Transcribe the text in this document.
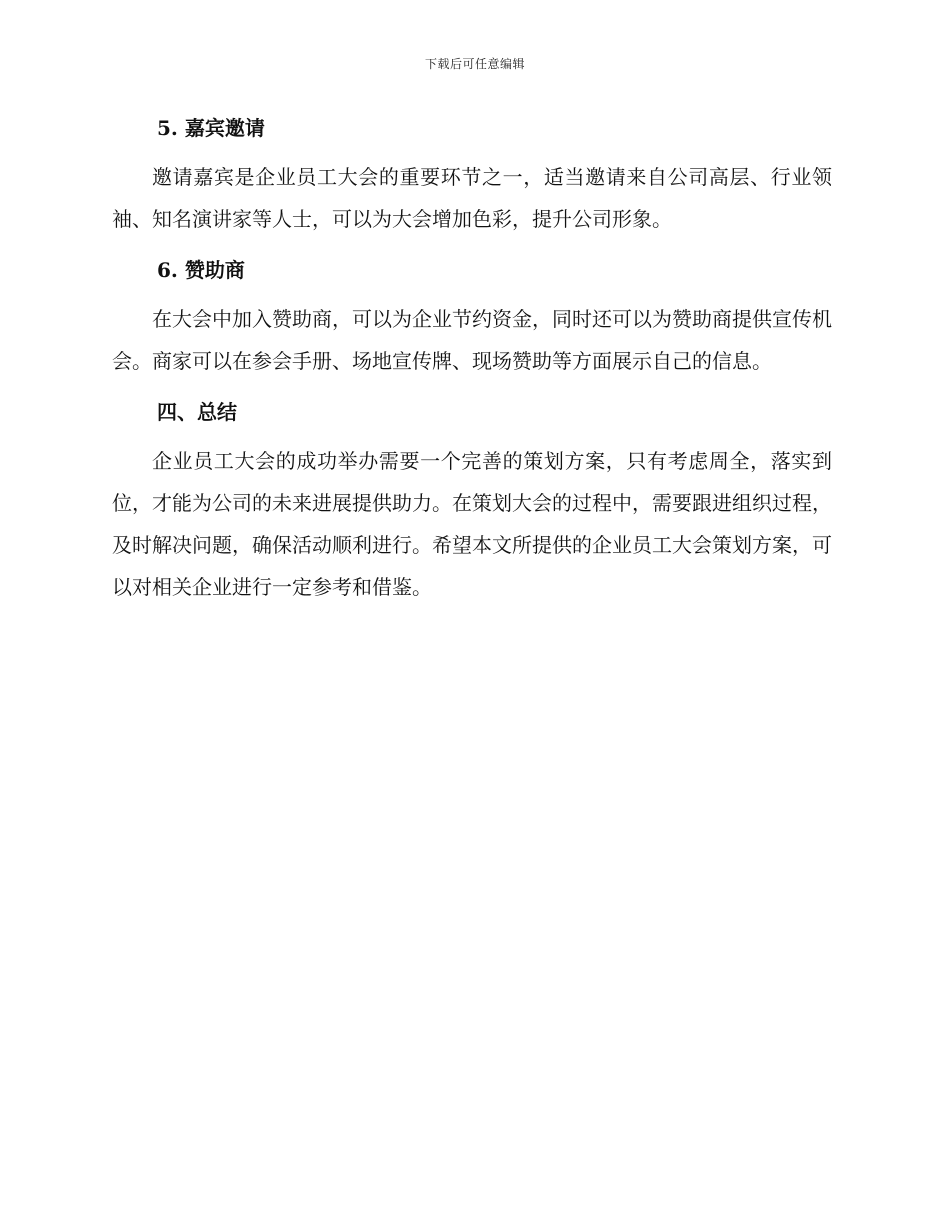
下载后可任意编辑
5. 嘉宾邀请

邀请嘉宾是企业员工大会的重要环节之一，适当邀请来自公司高层、行业领袖、知名演讲家等人士，可以为大会增加色彩，提升公司形象。

6. 赞助商

在大会中加入赞助商，可以为企业节约资金，同时还可以为赞助商提供宣传机会。商家可以在参会手册、场地宣传牌、现场赞助等方面展示自己的信息。

四、总结

企业员工大会的成功举办需要一个完善的策划方案，只有考虑周全，落实到位，才能为公司的未来进展提供助力。在策划大会的过程中，需要跟进组织过程，及时解决问题，确保活动顺利进行。希望本文所提供的企业员工大会策划方案，可以对相关企业进行一定参考和借鉴。
